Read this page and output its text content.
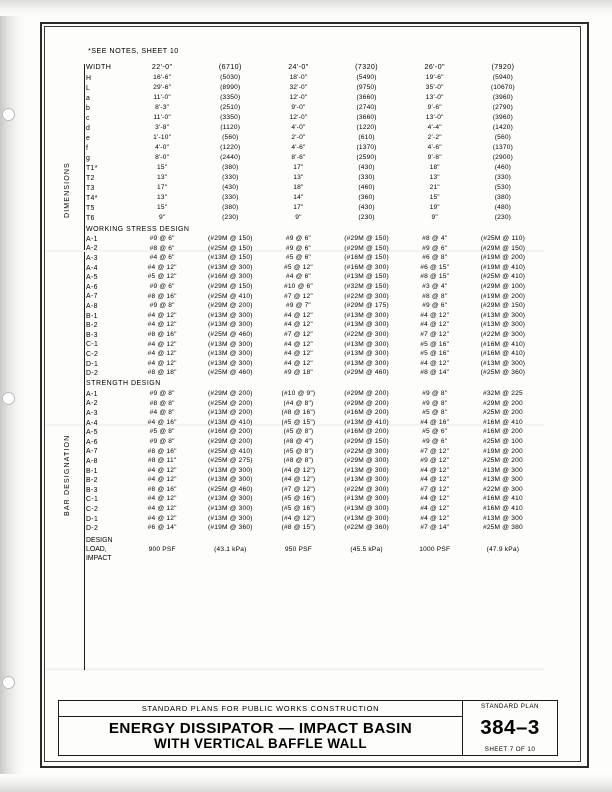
*SEE NOTES, SHEET 10
DIMENSIONS
BAR DESIGNATION
WIDTH	22'-0"	(6710)	24'-0"	(7320)	26'-0"	(7920)
H	16'-6"	(5030)	18'-0"	(5490)	19'-6"	(5940)
L	29'-6"	(8990)	32'-0"	(9750)	35'-0"	(10670)
a	11'-0"	(3350)	12'-0"	(3660)	13'-0"	(3960)
b	8'-3"	(2510)	9'-0"	(2740)	9'-6"	(2790)
c	11'-0"	(3350)	12'-0"	(3660)	13'-0"	(3960)
d	3'-8"	(1120)	4'-0"	(1220)	4'-4"	(1420)
e	1'-10"	(560)	2'-0"	(610)	2'-2"	(560)
f	4'-0"	(1220)	4'-6"	(1370)	4'-6"	(1370)
g	8'-0"	(2440)	8'-6"	(2590)	9'-6"	(2900)
T1*	15"	(380)	17"	(430)	18"	(460)
T2	13"	(330)	13"	(330)	13"	(330)
T3	17"	(430)	18"	(460)	21"	(530)
T4*	13"	(330)	14"	(360)	15"	(380)
T5	15"	(380)	17"	(430)	19"	(480)
T6	9"	(230)	9"	(230)	9"	(230)
WORKING STRESS DESIGN						
A-1	#9 @ 6"	(#29M @ 150)	#9 @ 6"	(#29M @ 150)	#8 @ 4"	(#25M @ 110)
A-2	#8 @ 6"	(#25M @ 150)	#9 @ 6"	(#29M @ 150)	#9 @ 6"	(#29M @ 150)
A-3	#4 @ 6"	(#13M @ 150)	#5 @ 6"	(#16M @ 150)	#6 @ 8"	(#19M @ 200)
A-4	#4 @ 12"	(#13M @ 300)	#5 @ 12"	(#16M @ 300)	#6 @ 15"	(#19M @ 410)
A-5	#5 @ 12"	(#16M @ 300)	#4 @ 6"	(#13M @ 150)	#8 @ 15"	(#25M @ 410)
A-6	#9 @ 6"	(#29M @ 150)	#10 @ 6"	(#32M @ 150)	#3 @ 4"	(#29M @ 100)
A-7	#8 @ 16"	(#25M @ 410)	#7 @ 12"	(#22M @ 300)	#8 @ 8"	(#19M @ 200)
A-8	#9 @ 8"	(#29M @ 200)	#9 @ 7"	(#29M @ 175)	#9 @ 6"	(#29M @ 150)
B-1	#4 @ 12"	(#13M @ 300)	#4 @ 12"	(#13M @ 300)	#4 @ 12"	(#13M @ 300)
B-2	#4 @ 12"	(#13M @ 300)	#4 @ 12"	(#13M @ 300)	#4 @ 12"	(#13M @ 300)
B-3	#8 @ 16"	(#25M @ 460)	#7 @ 12"	(#22M @ 300)	#7 @ 12"	(#22M @ 300)
C-1	#4 @ 12"	(#13M @ 300)	#4 @ 12"	(#13M @ 300)	#5 @ 16"	(#16M @ 410)
C-2	#4 @ 12"	(#13M @ 300)	#4 @ 12"	(#13M @ 300)	#5 @ 16"	(#16M @ 410)
D-1	#4 @ 12"	(#13M @ 300)	#4 @ 12"	(#13M @ 300)	#4 @ 12"	(#13M @ 300)
D-2	#8 @ 18"	(#25M @ 460)	#9 @ 18"	(#29M @ 460)	#8 @ 14"	(#25M @ 360)
STRENGTH DESIGN						
A-1	#9 @ 8"	(#29M @ 200)	(#10 @ 9")	(#29M @ 200)	#9 @ 8"	#32M @ 225
A-2	#8 @ 8"	(#25M @ 200)	(#4 @ 8")	(#29M @ 200)	#9 @ 8"	#29M @ 200
A-3	#4 @ 8"	(#13M @ 200)	(#8 @ 16")	(#16M @ 200)	#5 @ 8"	#25M @ 200
A-4	#4 @ 16"	(#13M @ 410)	(#5 @ 15")	(#13M @ 410)	#4 @ 16"	#16M @ 410
A-5	#5 @ 8"	(#16M @ 200)	(#5 @ 8")	(#16M @ 200)	#5 @ 6"	#16M @ 200
A-6	#9 @ 8"	(#29M @ 200)	(#8 @ 4")	(#29M @ 150)	#9 @ 6"	#25M @ 100
A-7	#8 @ 16"	(#25M @ 410)	(#5 @ 8")	(#22M @ 300)	#7 @ 12"	#19M @ 200
A-8	#8 @ 11"	(#25M @ 275)	(#8 @ 8")	(#29M @ 300)	#9 @ 12"	#25M @ 200
B-1	#4 @ 12"	(#13M @ 300)	(#4 @ 12")	(#13M @ 300)	#4 @ 12"	#13M @ 300
B-2	#4 @ 12"	(#13M @ 300)	(#4 @ 12")	(#13M @ 300)	#4 @ 12"	#13M @ 300
B-3	#8 @ 16"	(#25M @ 460)	(#7 @ 12")	(#22M @ 300)	#7 @ 12"	#22M @ 300
C-1	#4 @ 12"	(#13M @ 300)	(#5 @ 16")	(#13M @ 300)	#4 @ 12"	#16M @ 410
C-2	#4 @ 12"	(#13M @ 300)	(#5 @ 16")	(#13M @ 300)	#4 @ 12"	#16M @ 410
D-1	#4 @ 12"	(#13M @ 300)	(#4 @ 12")	(#13M @ 300)	#4 @ 12"	#13M @ 300
D-2	#6 @ 14"	(#19M @ 360)	(#8 @ 15")	(#22M @ 360)	#7 @ 14"	#25M @ 380
DESIGN
LOAD,
IMPACT	900 PSF	(43.1 kPa)	950 PSF	(45.5 kPa)	1000 PSF	(47.9 kPa)
STANDARD PLANS FOR PUBLIC WORKS CONSTRUCTION
ENERGY DISSIPATOR — IMPACT BASIN
WITH VERTICAL BAFFLE WALL
STANDARD PLAN
384–3
SHEET 7 OF 10
